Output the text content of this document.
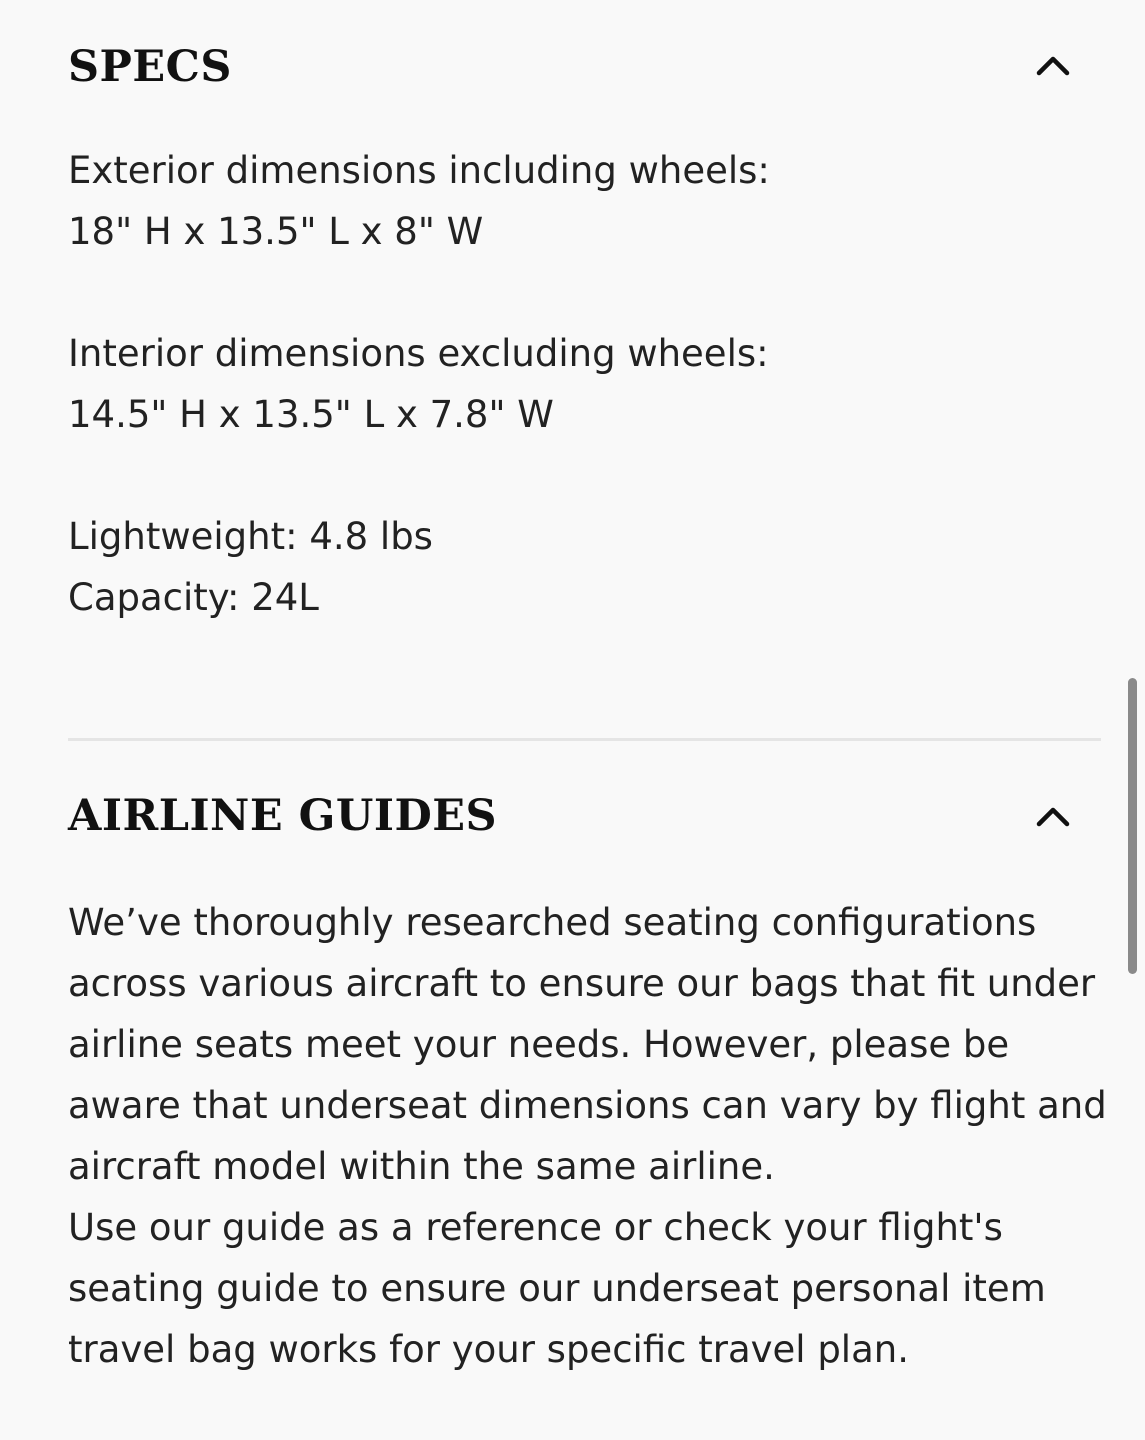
SPECS

Exterior dimensions including wheels:

18" H x 13.5" L x 8" W

Interior dimensions excluding wheels:

14.5" H x 13.5" L x 7.8" W

Lightweight: 4.8 lbs

Capacity: 24L

AIRLINE GUIDES

We’ve thoroughly researched seating configurations

across various aircraft to ensure our bags that fit under

airline seats meet your needs. However, please be

aware that underseat dimensions can vary by flight and

aircraft model within the same airline.

Use our guide as a reference or check your flight's

seating guide to ensure our underseat personal item

travel bag works for your specific travel plan.
